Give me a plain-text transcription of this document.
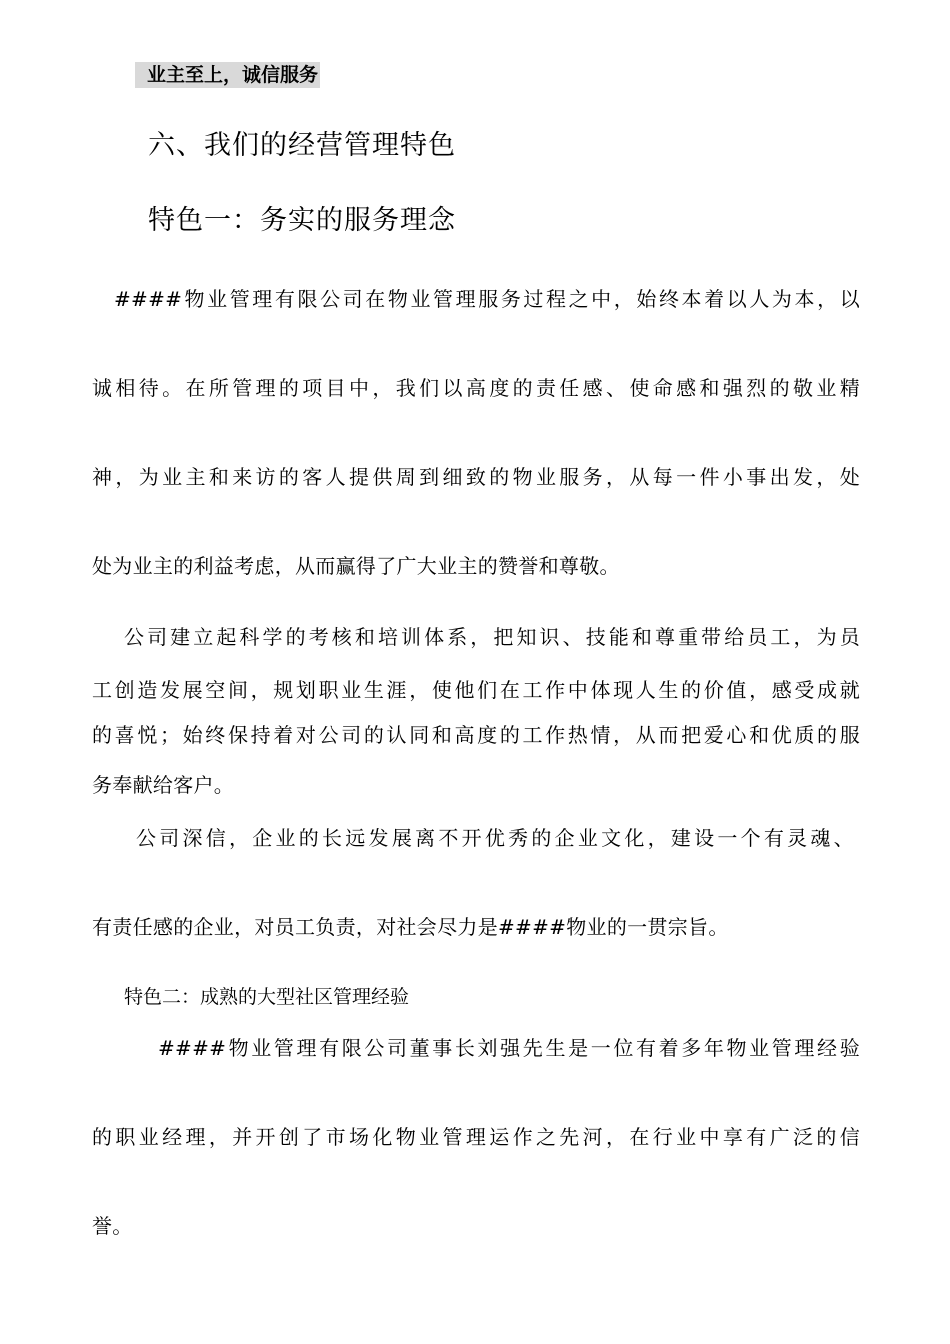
业主至上，诚信服务
六、我们的经营管理特色
特色一：务实的服务理念
####物业管理有限公司在物业管理服务过程之中，始终本着以人为本，以
诚相待。在所管理的项目中，我们以高度的责任感、使命感和强烈的敬业精
神，为业主和来访的客人提供周到细致的物业服务，从每一件小事出发，处
处为业主的利益考虑，从而赢得了广大业主的赞誉和尊敬。
公司建立起科学的考核和培训体系，把知识、技能和尊重带给员工，为员
工创造发展空间，规划职业生涯，使他们在工作中体现人生的价值，感受成就
的喜悦；始终保持着对公司的认同和高度的工作热情，从而把爱心和优质的服
务奉献给客户。
公司深信，企业的长远发展离不开优秀的企业文化，建设一个有灵魂、
有责任感的企业，对员工负责，对社会尽力是####物业的一贯宗旨。
特色二：成熟的大型社区管理经验
####物业管理有限公司董事长刘强先生是一位有着多年物业管理经验
的职业经理，并开创了市场化物业管理运作之先河，在行业中享有广泛的信
誉。
